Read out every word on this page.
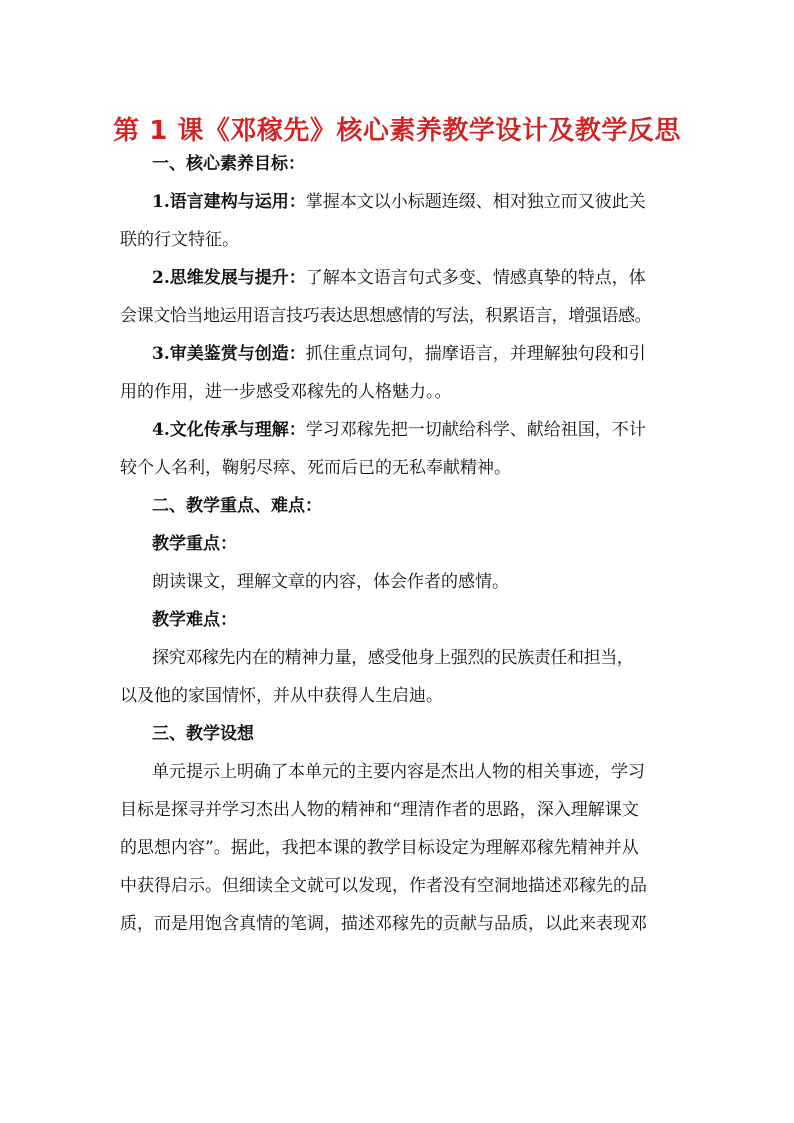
第 1 课《邓稼先》核心素养教学设计及教学反思

一、核心素养目标：

1.语言建构与运用：掌握本文以小标题连缀、相对独立而又彼此关

联的行文特征。

2.思维发展与提升：了解本文语言句式多变、情感真挚的特点，体

会课文恰当地运用语言技巧表达思想感情的写法，积累语言，增强语感。

3.审美鉴赏与创造：抓住重点词句，揣摩语言，并理解独句段和引

用的作用，进一步感受邓稼先的人格魅力。。

4.文化传承与理解：学习邓稼先把一切献给科学、献给祖国，不计

较个人名利，鞠躬尽瘁、死而后已的无私奉献精神。

二、教学重点、难点：

教学重点：

朗读课文，理解文章的内容，体会作者的感情。

教学难点：

探究邓稼先内在的精神力量，感受他身上强烈的民族责任和担当，

以及他的家国情怀，并从中获得人生启迪。

三、教学设想

单元提示上明确了本单元的主要内容是杰出人物的相关事迹，学习

目标是探寻并学习杰出人物的精神和“理清作者的思路，深入理解课文

的思想内容”。据此，我把本课的教学目标设定为理解邓稼先精神并从

中获得启示。但细读全文就可以发现，作者没有空洞地描述邓稼先的品

质，而是用饱含真情的笔调，描述邓稼先的贡献与品质，以此来表现邓
